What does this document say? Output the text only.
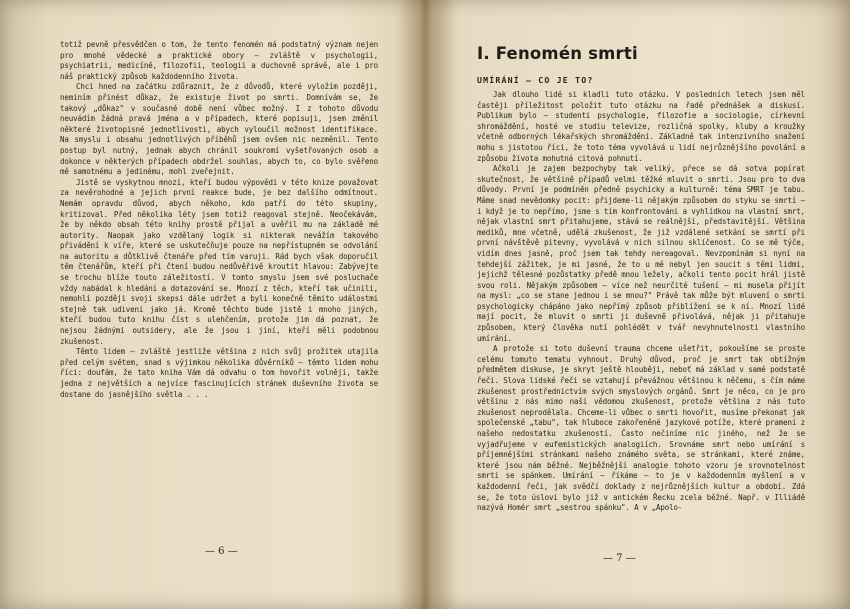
totiž pevně přesvědčen o tom, že tento fenomén má podstatný význam nejen pro mnohé vědecké a praktické obory — zvláště v psychologii, psychiatrii, medicíně, filozofii, teologii a duchovně správě, ale i pro náš praktický způsob každodenního života.

Chci hned na začátku zdůraznit, že z důvodů, které vyložím později, neminím přinést důkaz, že existuje život po smrti. Domnívám se, že takový „důkaz" v současné době není vůbec možný. I z tohoto důvodu neuvádím žádná pravá jména a v případech, které popisuji, jsem změnil některé životopisné jednotlivosti, abych vyloučil možnost identifikace. Na smyslu i obsahu jednotlivých příběhů jsem ovšem nic nezměnil. Tento postup byl nutný, jednak abych chránil soukromí vyšetřovaných osob a dokonce v některých případech obdržel souhlas, abych to, co bylo svěřeno mě samotnému a jedinému, mohl zveřejnit.

Jistě se vyskytnou mnozí, kteří budou výpovědi v této knize považovat za nevěrohodné a jejich první reakce bude, je bez dalšího odmítnout. Nemám opravdu důvod, abych někoho, kdo patří do této skupiny, kritizoval. Před několika léty jsem totiž reagoval stejně. Neočekávám, že by někdo obsah této knihy prostě přijal a uvěřil mu na základě mé autority. Naopak jako vzdělaný logik si nikterak nevážím takového přivádění k víře, které se uskutečňuje pouze na nepřístupném se odvolání na autoritu a důtklivě čtenáře před tím varuji. Rád bych však doporučil těm čtenářům, kteří při čtení budou nedůvěřivě kroutit hlavou: Zabývejte se trochu blíže touto záležitostí. V tomto smyslu jsem své posluchače vždy nabádal k hledání a dotazování se. Mnozí z těch, kteří tak učinili, nemohli později svoji skepsi dále udržet a byli konečně těmito událostmi stejně tak udiveni jako já. Kromě těchto bude jistě i mnoho jiných, kteří budou tuto knihu číst s ulehčením, protože jim dá poznat, že nejsou žádnými outsidery, ale že jsou i jiní, kteří měli podobnou zkušenost.

Těmto lidem — zvláště jestliže většina z nich svůj prožitek utajila před celým světem, snad s výjimkou několika důvěrníků — těmto lidem mohu říci: doufám, že tato kniha Vám dá odvahu o tom hovořit volněji, takže jedna z největších a nejvíce fascinujících stránek duševního života se dostane do jasnějšího světla . . .

— 6 —
I. Fenomén smrti
UMÍRÁNÍ — CO JE TO?

Jak dlouho lidé si kladli tuto otázku. V posledních letech jsem měl častěji příležitost položit tuto otázku na řadě přednášek a diskusí. Publikum bylo — studenti psychologie, filozofie a sociologie, církevní shromáždění, hosté ve studiu televize, rozličná spolky, kluby a kroužky včetně odborných lékařských shromáždění. Základně tak intenzivního snažení mohu s jistotou říci, že toto téma vyvolává u lidí nejrůznějšího povolání a způsobu života mohutná citová pohnutí.

Ačkoli je zajem bezpochyby tak veliký, přece se dá sotva popírat skutečnost, že většině případů velmi těžké mluvit o smrti. Jsou pro to dva důvody. První je podmíněn předně psychicky a kulturně: téma SMRT je tabu. Máme snad nevědomky pocit: přijdeme-li nějakým způsobem do styku se smrtí — i když je to nepřímo, jsme s tím konfrontováni a vyhlídkou na vlastní smrt, nějak vlastní smrt přitahujeme, stává se reálnější, představitější. Většina mediků, mne včetně, udělá zkušenost, že již vzdálené setkání se smrtí při první návštěvě pitevny, vyvolává v nich silnou sklíčenost. Co se mě týče, vidím dnes jasně, proč jsem tak tehdy nereagoval. Nevzpomínám si nyní na tehdejší zážitek, je mi jasné, že to u mě nebyl jen soucit s těmi lidmi, jejichž tělesné pozůstatky předě mnou ležely, ačkoli tento pocit hrál jistě svou roli. Nějakým způsobem — více než neurčité tušení — mi musela přijít na mysl: „co se stane jednou i se mnou?" Právě tak může být mluvení o smrti psychologicky chápáno jako nepřímý způsob přiblížení se k ní. Mnozí lidé mají pocit, že mluvit o smrti ji duševně přivolává, nějak ji přitahuje způsobem, který člověka nutí pohlédět v tvář nevyhnutelnosti vlastního umírání.

A protože si toto duševní trauma chceme ušetřit, pokoušíme se proste celému tomuto tematu vyhnout. Druhý důvod, proč je smrt tak obtížným předmětem diskuse, je skryt ještě hlouběji, neboť má základ v samé podstatě řeči. Slova lidské řeči se vztahují převážnou většinou k něčemu, s čím máme zkušenost prostřednictvím svých smyslových orgánů. Smrt je něco, co je pro většinu z nás mimo naší vědomou zkušenost, protože většina z nás tuto zkušenost neprodělala. Chceme-li vůbec o smrti hovořit, musíme překonat jak společenské „tabu", tak hluboce zakořeněné jazykové potíže, které pramení z našeho nedostatku zkušeností. Často nečiníme nic jiného, než že se vyjadřujeme v eufemistických analogiích. Srovnáme smrt nebo umírání s příjemnějšími stránkami našeho známého světa, se stránkami, které známe, které jsou nám běžné. Nejběžnější analogie tohoto vzoru je srovnotelnost smrti se spánkem. Umírání — říkáme — to je v každodenním myšlení a v každodenní řeči, jak svědčí doklady z nejrůznějších kultur a období. Zdá se, že toto úslovi bylo již v antickém Řecku zcela běžné. Např. v Illiádě nazývá Homér smrt „sestrou spánku". A v „Apolo-

— 7 —
